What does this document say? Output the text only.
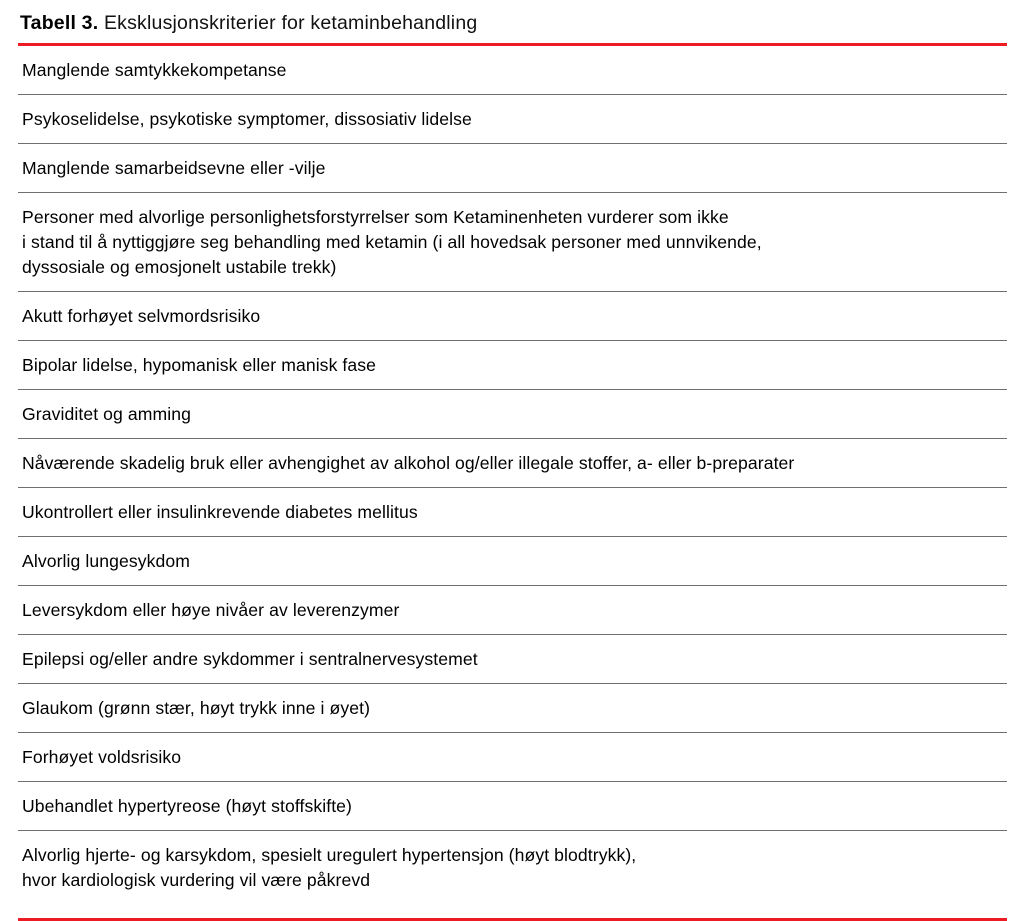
Tabell 3. Eksklusjonskriterier for ketaminbehandling

Manglende samtykkekompetanse

Psykoselidelse, psykotiske symptomer, dissosiativ lidelse

Manglende samarbeidsevne eller -vilje

Personer med alvorlige personlighetsforstyrrelser som Ketaminenheten vurderer som ikke
i stand til å nyttiggjøre seg behandling med ketamin (i all hovedsak personer med unnvikende,
dyssosiale og emosjonelt ustabile trekk)

Akutt forhøyet selvmordsrisiko

Bipolar lidelse, hypomanisk eller manisk fase

Graviditet og amming

Nåværende skadelig bruk eller avhengighet av alkohol og/eller illegale stoffer, a- eller b-preparater

Ukontrollert eller insulinkrevende diabetes mellitus

Alvorlig lungesykdom

Leversykdom eller høye nivåer av leverenzymer

Epilepsi og/eller andre sykdommer i sentralnervesystemet

Glaukom (grønn stær, høyt trykk inne i øyet)

Forhøyet voldsrisiko

Ubehandlet hypertyreose (høyt stoffskifte)

Alvorlig hjerte- og karsykdom, spesielt uregulert hypertensjon (høyt blodtrykk),
hvor kardiologisk vurdering vil være påkrevd
